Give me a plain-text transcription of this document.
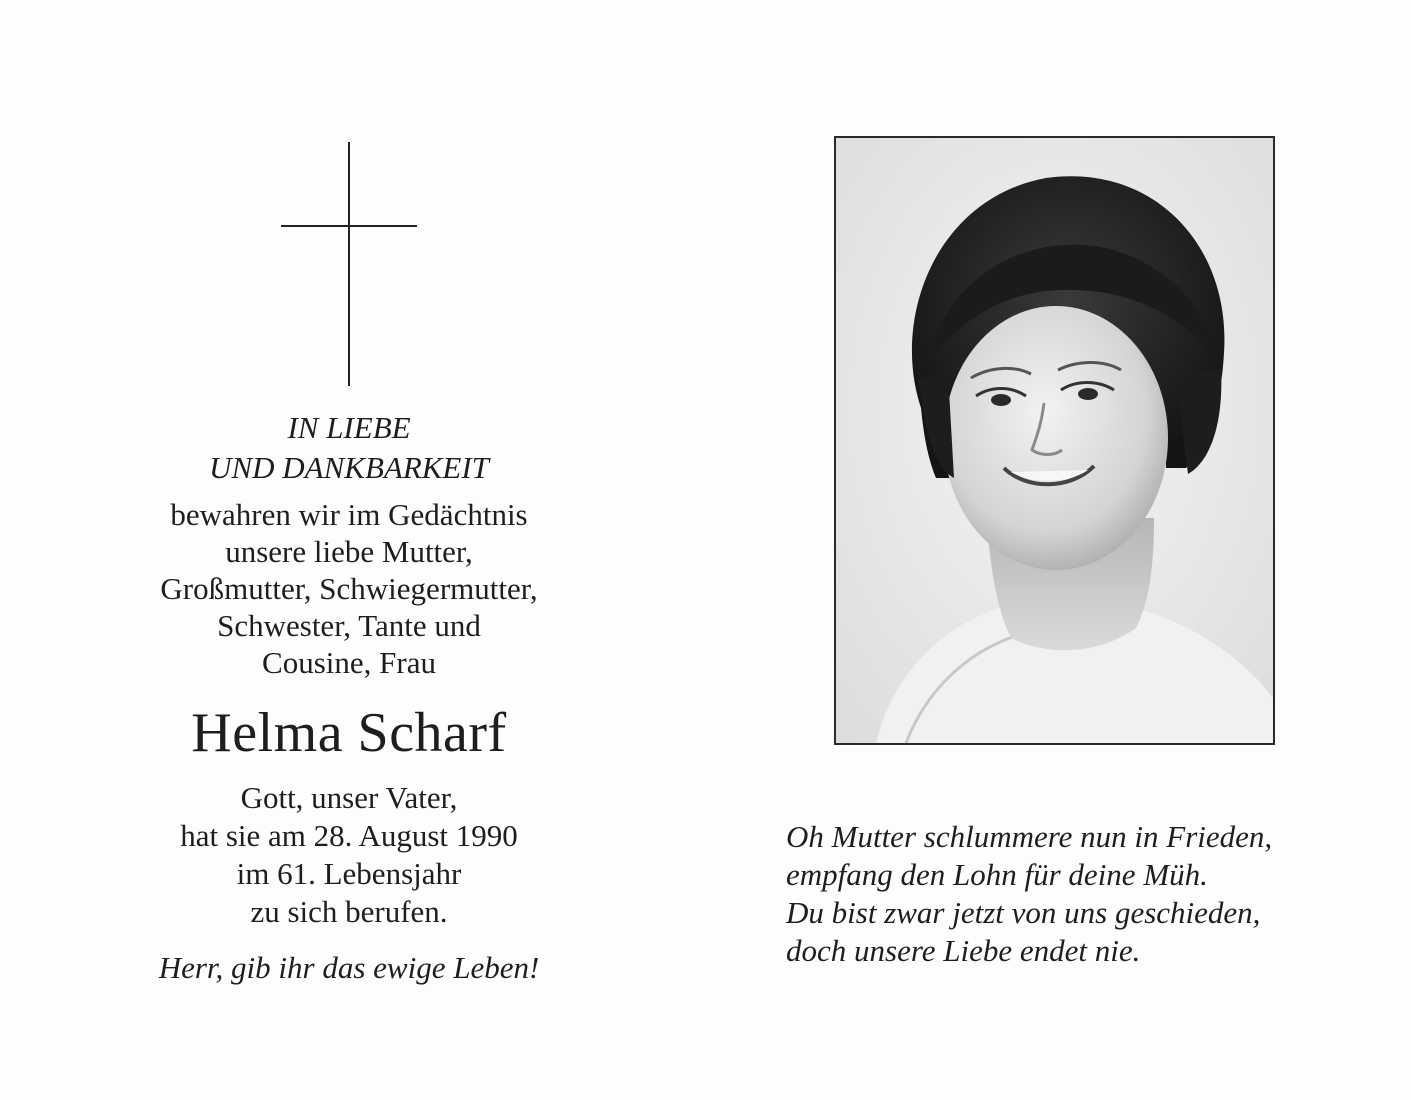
IN LIEBE
UND DANKBARKEIT
bewahren wir im Gedächtnis
unsere liebe Mutter,
Großmutter, Schwiegermutter,
Schwester, Tante und
Cousine, Frau
Helma Scharf
Gott, unser Vater,
hat sie am 28. August 1990
im 61. Lebensjahr
zu sich berufen.
Herr, gib ihr das ewige Leben!
Oh Mutter schlummere nun in Frieden,
empfang den Lohn für deine Müh.
Du bist zwar jetzt von uns geschieden,
doch unsere Liebe endet nie.
